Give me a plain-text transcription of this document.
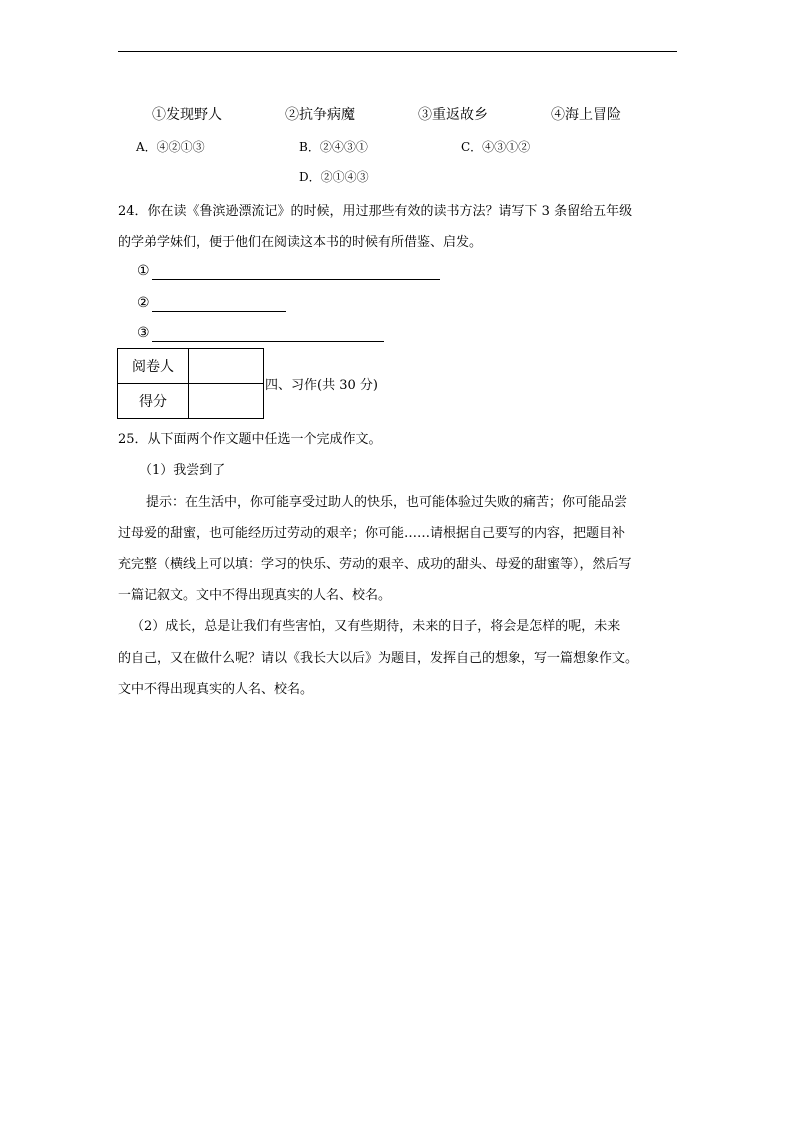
①发现野人	②抗争病魔	③重返故乡	④海上冒险
A．④②①③	B．②④③①	C．④③①②
D．②①④③
24．你在读《鲁滨逊漂流记》的时候，用过那些有效的读书方法？请写下 3 条留给五年级
的学弟学妹们，便于他们在阅读这本书的时候有所借鉴、启发。
①
②
③
阅卷人	
得分	
四、习作(共 30 分)
25．从下面两个作文题中任选一个完成作文。
（1）我尝到了
提示：在生活中，你可能享受过助人的快乐，也可能体验过失败的痛苦；你可能品尝
过母爱的甜蜜，也可能经历过劳动的艰辛；你可能……请根据自己要写的内容，把题目补
充完整（横线上可以填：学习的快乐、劳动的艰辛、成功的甜头、母爱的甜蜜等），然后写
一篇记叙文。文中不得出现真实的人名、校名。
（2）成长，总是让我们有些害怕，又有些期待，未来的日子，将会是怎样的呢，未来
的自己，又在做什么呢？请以《我长大以后》为题目，发挥自己的想象，写一篇想象作文。
文中不得出现真实的人名、校名。
